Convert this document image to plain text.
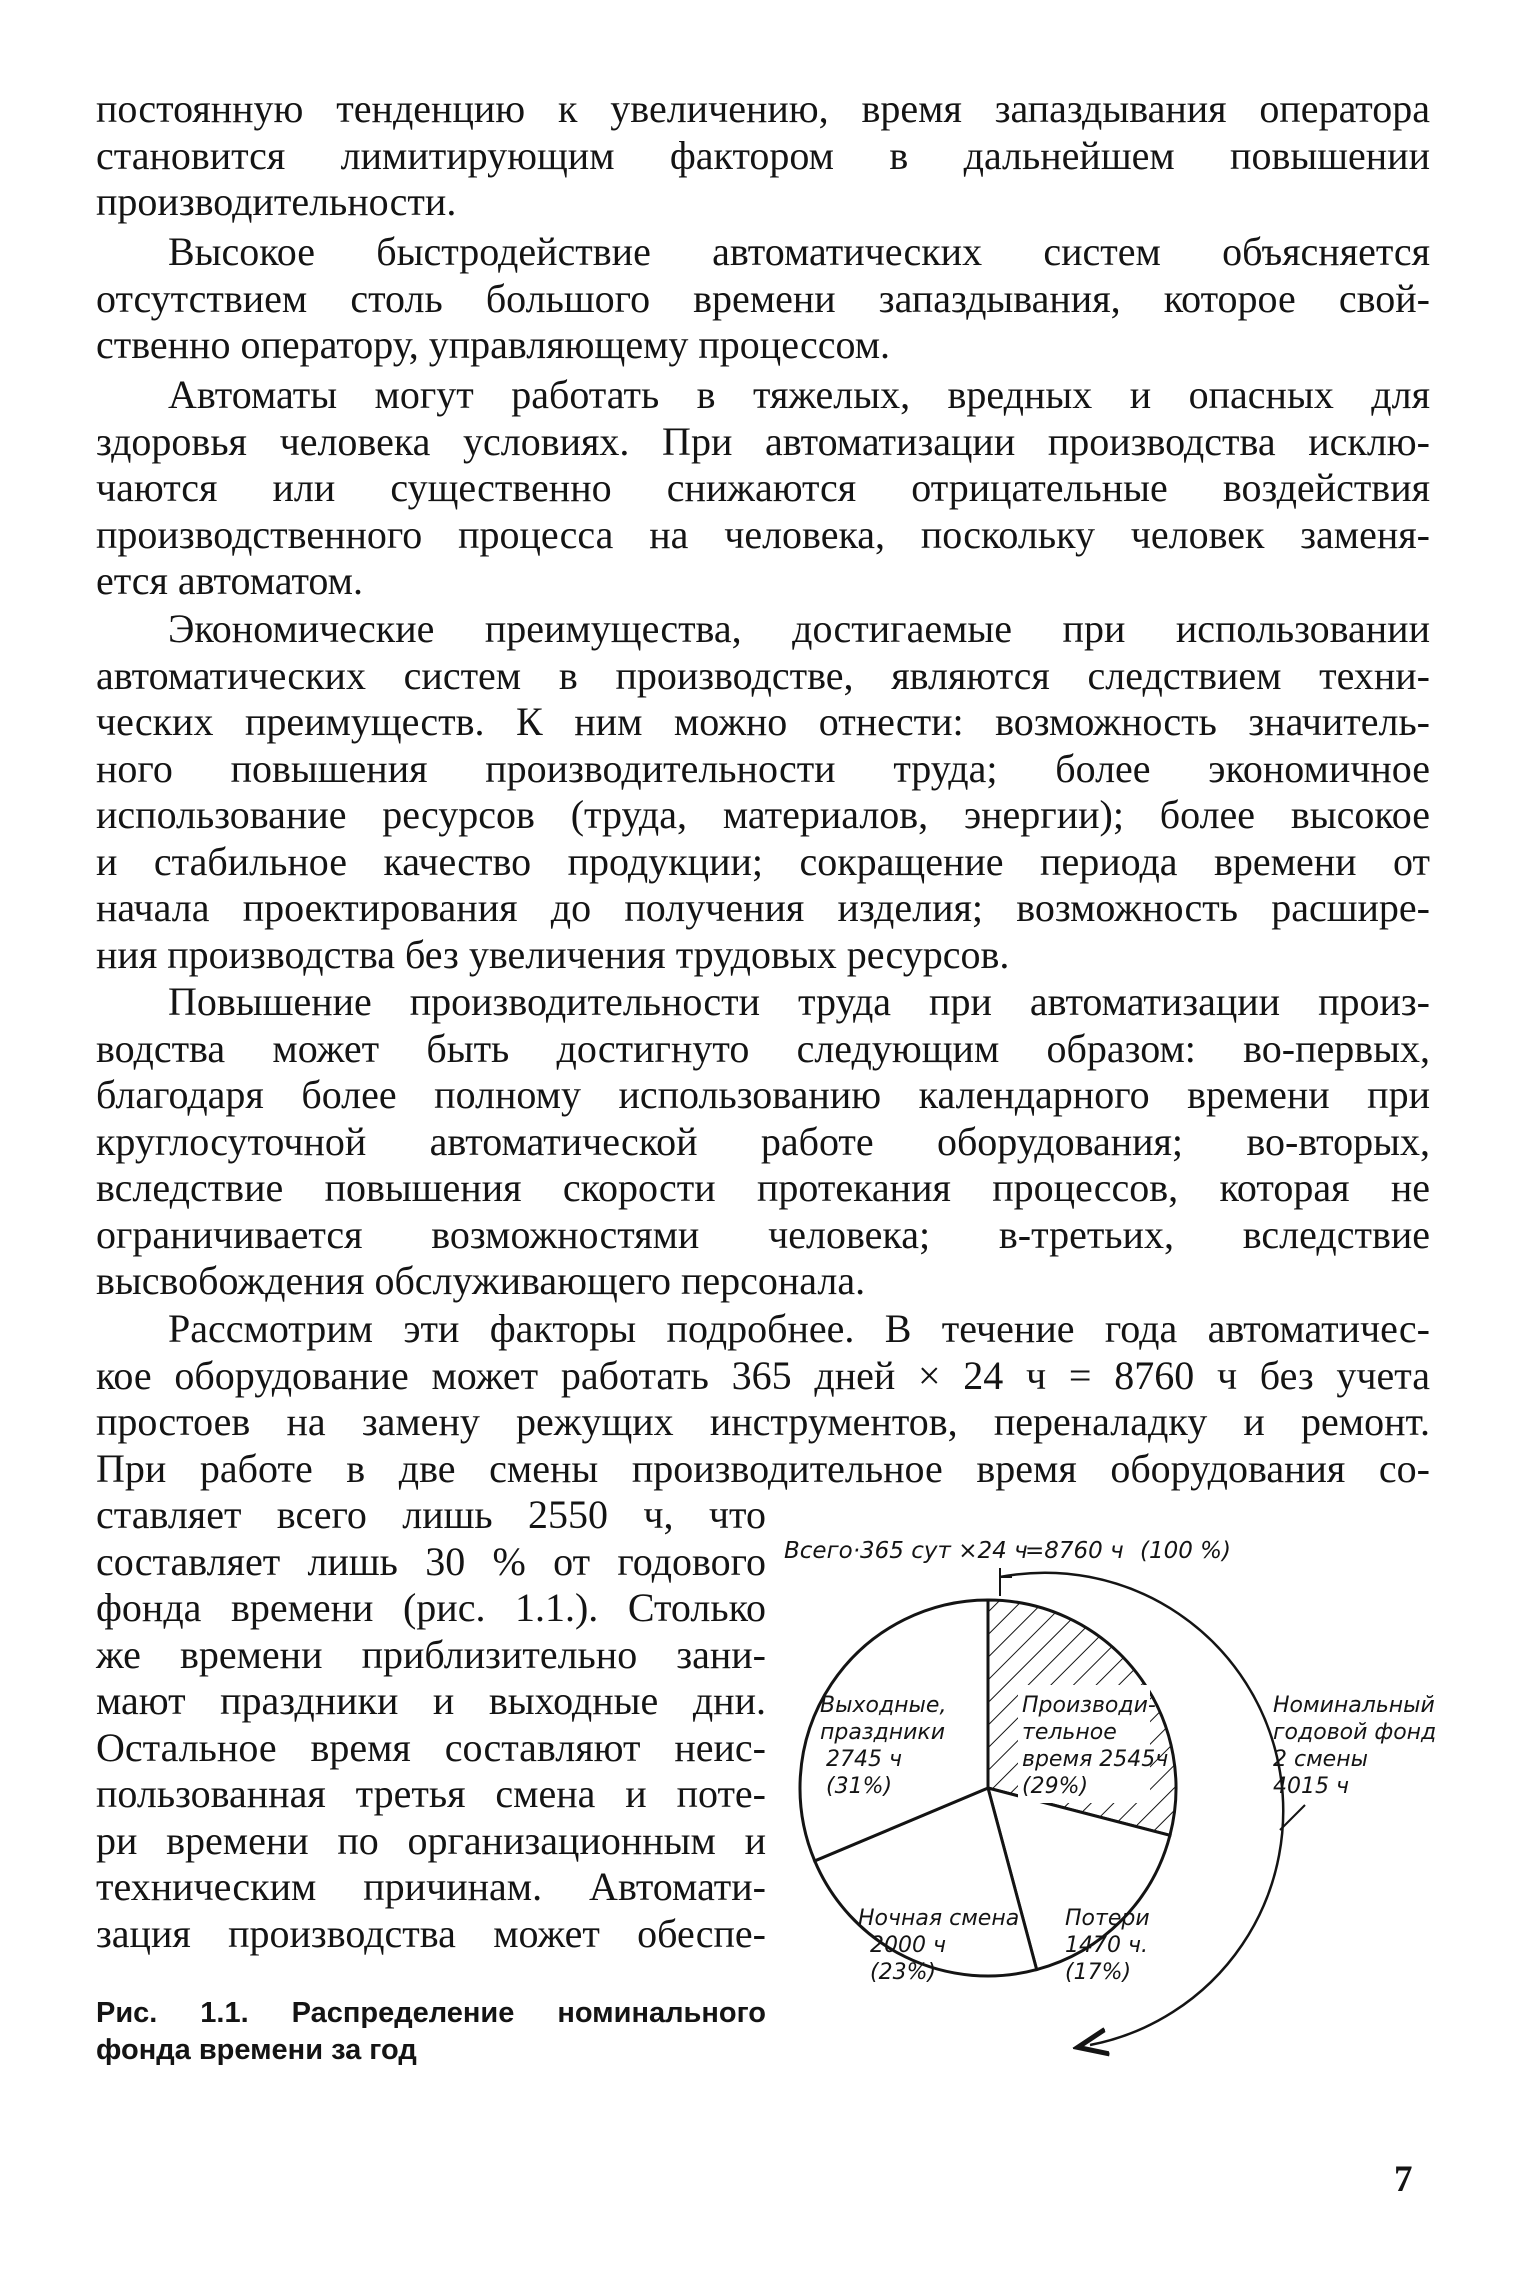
постоянную тенденцию к увеличению, время запаздывания оператора
становится лимитирующим фактором в дальнейшем повышении
производительности.
Высокое быстродействие автоматических систем объясняется
отсутствием столь большого времени запаздывания, которое свой-
ственно оператору, управляющему процессом.
Автоматы могут работать в тяжелых, вредных и опасных для
здоровья человека условиях. При автоматизации производства исклю-
чаются или существенно снижаются отрицательные воздействия
производственного процесса на человека, поскольку человек заменя-
ется автоматом.
Экономические преимущества, достигаемые при использовании
автоматических систем в производстве, являются следствием техни-
ческих преимуществ. К ним можно отнести: возможность значитель-
ного повышения производительности труда; более экономичное
использование ресурсов (труда, материалов, энергии); более высокое
и стабильное качество продукции; сокращение периода времени от
начала проектирования до получения изделия; возможность расшире-
ния производства без увеличения трудовых ресурсов.
Повышение производительности труда при автоматизации произ-
водства может быть достигнуто следующим образом: во-первых,
благодаря более полному использованию календарного времени при
круглосуточной автоматической работе оборудования; во-вторых,
вследствие повышения скорости протекания процессов, которая не
ограничивается возможностями человека; в-третьих, вследствие
высвобождения обслуживающего персонала.
Рассмотрим эти факторы подробнее. В течение года автоматичес-
кое оборудование может работать 365 дней × 24 ч = 8760 ч без учета
простоев на замену режущих инструментов, переналадку и ремонт.
При работе в две смены производительное время оборудования со-
ставляет всего лишь 2550 ч, что
составляет лишь 30 % от годового
фонда времени (рис. 1.1.). Столько
же времени приблизительно зани-
мают праздники и выходные дни.
Остальное время составляют неис-
пользованная третья смена и поте-
ри времени по организационным и
техническим причинам. Автомати-
зация производства может обеспе-
Рис. 1.1. Распределение номинального
фонда времени за год
Всего·365 сут ×24 ч
=8760 ч (100 %)
Выходные,
праздники
2745 ч
(31%)
Производи-
тельное
время 2545ч
(29%)
Потери
1470 ч.
(17%)
Ночная смена
2000 ч
(23%)
Номинальный
годовой фонд
2 смены
4015 ч
7
